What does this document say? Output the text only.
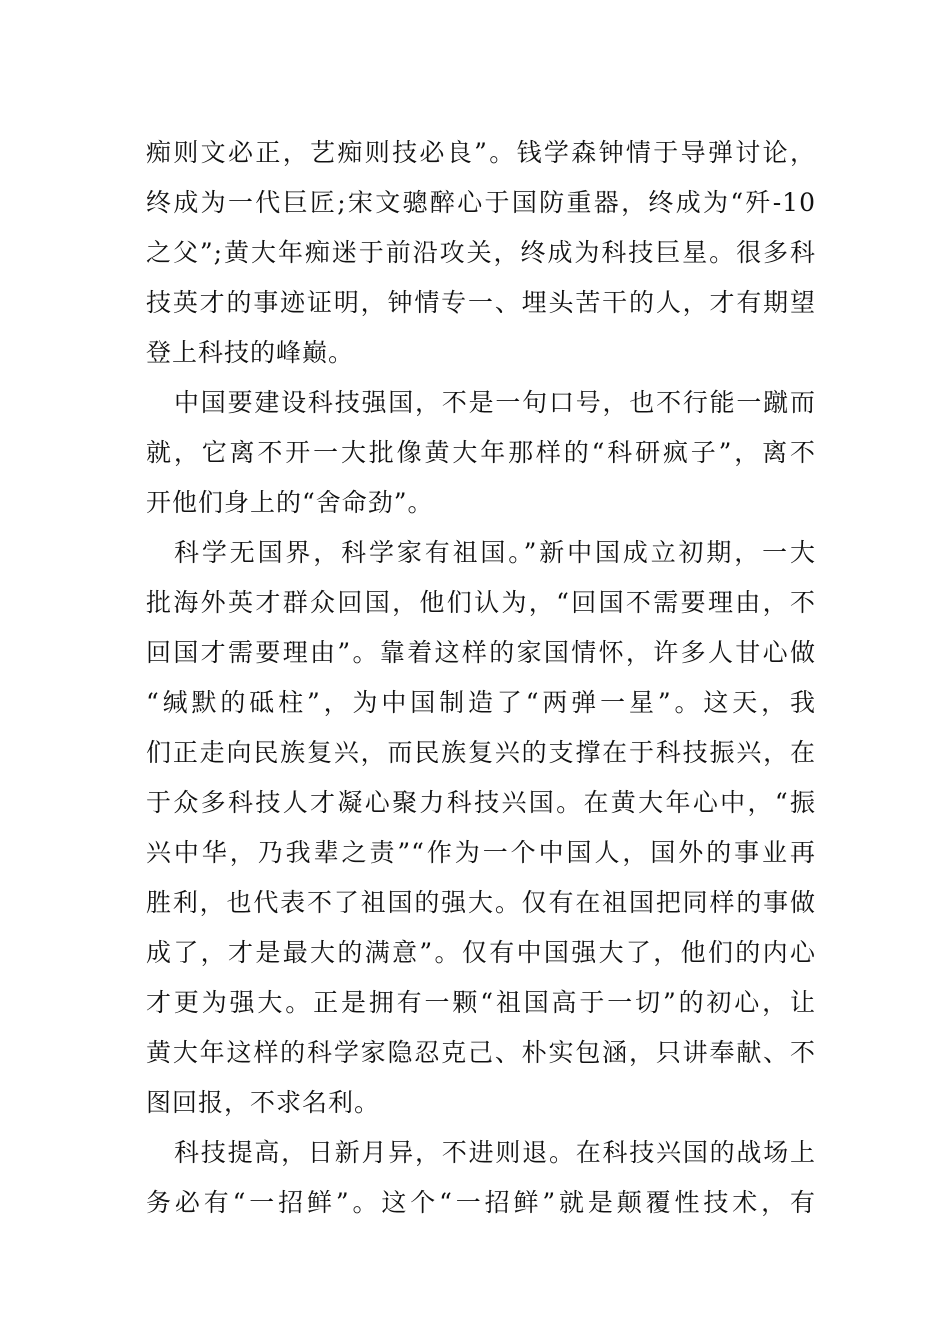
痴则文必正，艺痴则技必良”。钱学森钟情于导弹讨论，
终成为一代巨匠;宋文骢醉心于国防重器，终成为“歼-10
之父”;黄大年痴迷于前沿攻关，终成为科技巨星。很多科
技英才的事迹证明，钟情专一、埋头苦干的人，才有期望
登上科技的峰巅。
中国要建设科技强国，不是一句口号，也不行能一蹴而
就，它离不开一大批像黄大年那样的“科研疯子”，离不
开他们身上的“舍命劲”。
科学无国界，科学家有祖国。”新中国成立初期，一大
批海外英才群众回国，他们认为，“回国不需要理由，不
回国才需要理由”。靠着这样的家国情怀，许多人甘心做
“缄默的砥柱”，为中国制造了“两弹一星”。这天，我
们正走向民族复兴，而民族复兴的支撑在于科技振兴，在
于众多科技人才凝心聚力科技兴国。在黄大年心中，“振
兴中华，乃我辈之责”“作为一个中国人，国外的事业再
胜利，也代表不了祖国的强大。仅有在祖国把同样的事做
成了，才是最大的满意”。仅有中国强大了，他们的内心
才更为强大。正是拥有一颗“祖国高于一切”的初心，让
黄大年这样的科学家隐忍克己、朴实包涵，只讲奉献、不
图回报，不求名利。
科技提高，日新月异，不进则退。在科技兴国的战场上
务必有“一招鲜”。这个“一招鲜”就是颠覆性技术，有
